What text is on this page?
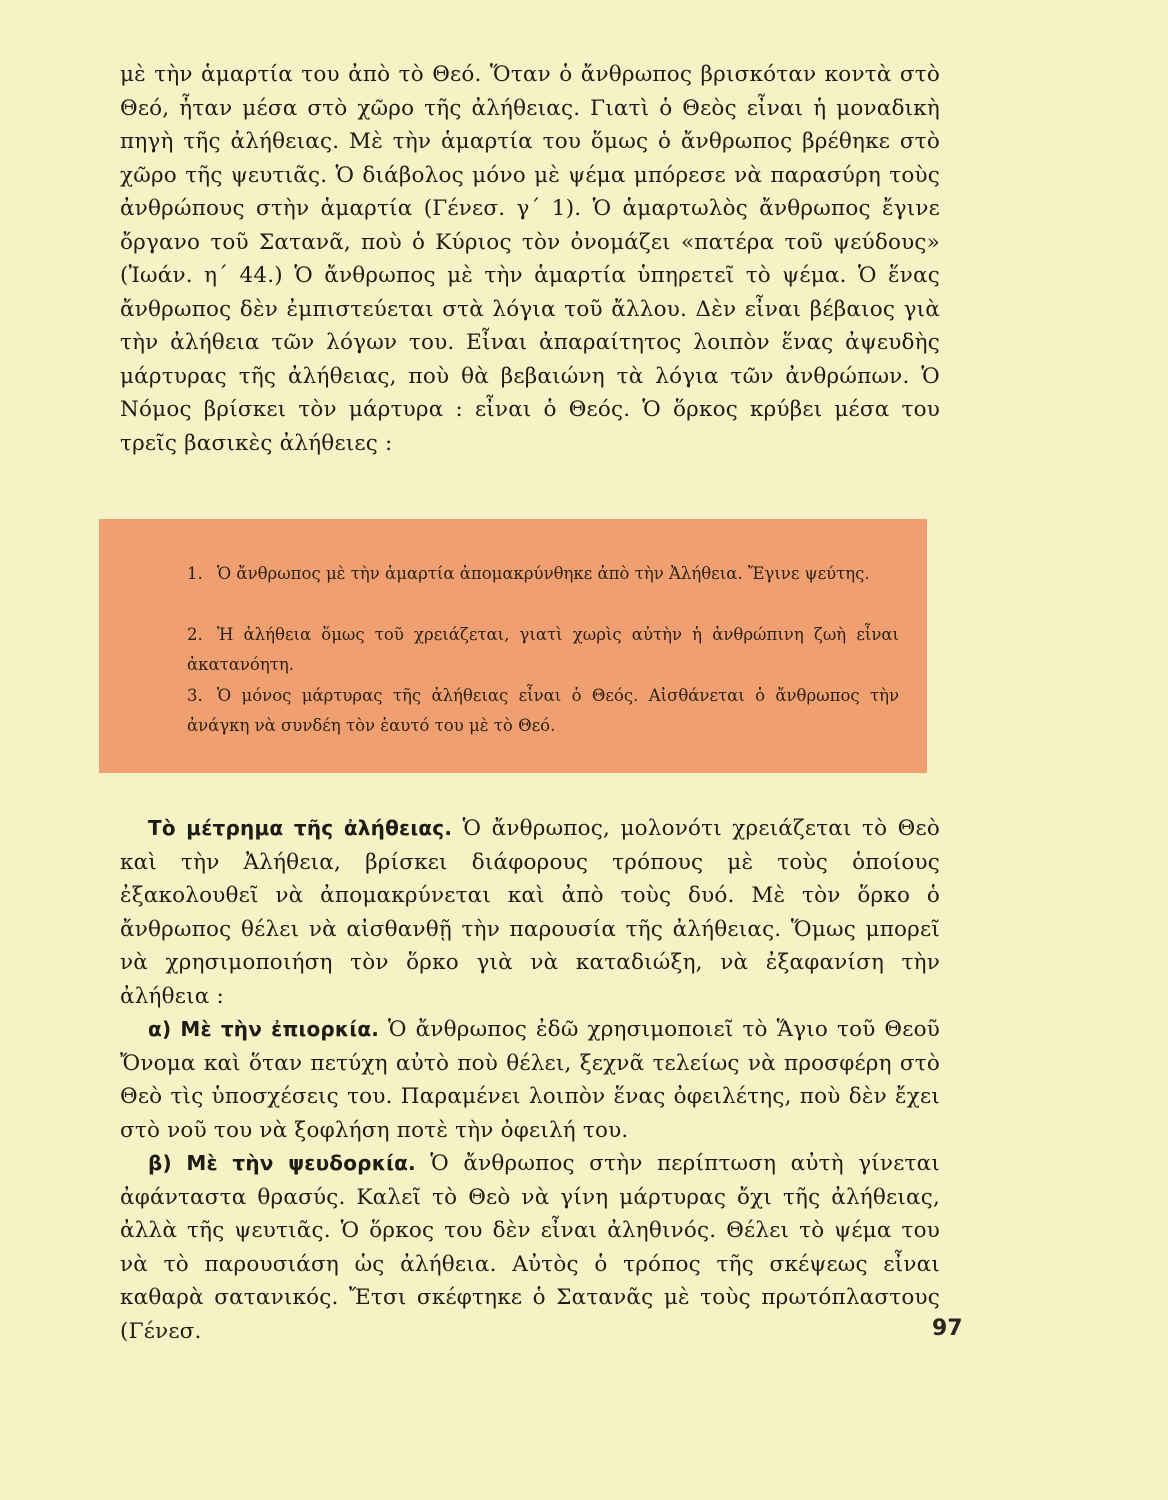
μὲ τὴν ἁμαρτία του ἀπὸ τὸ Θεό. Ὅταν ὁ ἄνθρωπος βρισκόταν κοντὰ στὸ Θεό, ἦταν μέσα στὸ χῶρο τῆς ἀλήθειας. Γιατὶ ὁ Θεὸς εἶναι ἡ μοναδικὴ πηγὴ τῆς ἀλήθειας. Μὲ τὴν ἁμαρτία του ὅμως ὁ ἄνθρωπος βρέθηκε στὸ χῶρο τῆς ψευτιᾶς. Ὁ διάβολος μόνο μὲ ψέμα μπόρεσε νὰ παρασύρη τοὺς ἀνθρώπους στὴν ἁμαρτία (Γένεσ. γ΄ 1). Ὁ ἁμαρτωλὸς ἄνθρωπος ἔγινε ὄργανο τοῦ Σατανᾶ, ποὺ ὁ Κύριος τὸν ὀνομάζει «πατέρα τοῦ ψεύδους» (Ἰωάν. η΄ 44.) Ὁ ἄνθρωπος μὲ τὴν ἁμαρτία ὑπηρετεῖ τὸ ψέμα. Ὁ ἕνας ἄνθρωπος δὲν ἐμπιστεύεται στὰ λόγια τοῦ ἄλλου. Δὲν εἶναι βέβαιος γιὰ τὴν ἀλήθεια τῶν λόγων του. Εἶναι ἀπαραίτητος λοιπὸν ἕνας ἀψευδὴς μάρτυρας τῆς ἀλήθειας, ποὺ θὰ βεβαιώνη τὰ λόγια τῶν ἀνθρώπων. Ὁ Νόμος βρίσκει τὸν μάρτυρα : εἶναι ὁ Θεός. Ὁ ὅρκος κρύβει μέσα του τρεῖς βασικὲς ἀλήθειες :
1. Ὁ ἄνθρωπος μὲ τὴν ἁμαρτία ἀπομακρύνθηκε ἀπὸ τὴν Ἀλήθεια. Ἔγινε ψεύτης.
2. Ἡ ἀλήθεια ὅμως τοῦ χρειάζεται, γιατὶ χωρὶς αὐτὴν ἡ ἀνθρώπινη ζωὴ εἶναι ἀκατανόητη.
3. Ὁ μόνος μάρτυρας τῆς ἀλήθειας εἶναι ὁ Θεός. Αἰσθάνεται ὁ ἄνθρωπος τὴν ἀνάγκη νὰ συνδέη τὸν ἑαυτό του μὲ τὸ Θεό.

Τὸ μέτρημα τῆς ἀλήθειας. Ὁ ἄνθρωπος, μολονότι χρειάζεται τὸ Θεὸ καὶ τὴν Ἀλήθεια, βρίσκει διάφορους τρόπους μὲ τοὺς ὁποίους ἐξακολουθεῖ νὰ ἀπομακρύνεται καὶ ἀπὸ τοὺς δυό. Μὲ τὸν ὅρκο ὁ ἄνθρωπος θέλει νὰ αἰσθανθῇ τὴν παρουσία τῆς ἀλήθειας. Ὅμως μπορεῖ νὰ χρησιμοποιήση τὸν ὅρκο γιὰ νὰ καταδιώξη, νὰ ἐξαφανίση τὴν ἀλήθεια :

α) Μὲ τὴν ἐπιορκία. Ὁ ἄνθρωπος ἐδῶ χρησιμοποιεῖ τὸ Ἅγιο τοῦ Θεοῦ Ὄνομα καὶ ὅταν πετύχη αὐτὸ ποὺ θέλει, ξεχνᾶ τελείως νὰ προσφέρη στὸ Θεὸ τὶς ὑποσχέσεις του. Παραμένει λοιπὸν ἕνας ὀφειλέτης, ποὺ δὲν ἔχει στὸ νοῦ του νὰ ξοφλήση ποτὲ τὴν ὀφειλή του.

β) Μὲ τὴν ψευδορκία. Ὁ ἄνθρωπος στὴν περίπτωση αὐτὴ γίνεται ἀφάνταστα θρασύς. Καλεῖ τὸ Θεὸ νὰ γίνη μάρτυρας ὄχι τῆς ἀλήθειας, ἀλλὰ τῆς ψευτιᾶς. Ὁ ὅρκος του δὲν εἶναι ἀληθινός. Θέλει τὸ ψέμα του νὰ τὸ παρουσιάση ὡς ἀλήθεια. Αὐτὸς ὁ τρόπος τῆς σκέψεως εἶναι καθαρὰ σατανικός. Ἔτσι σκέφτηκε ὁ Σατανᾶς μὲ τοὺς πρωτόπλαστους (Γένεσ.	97
